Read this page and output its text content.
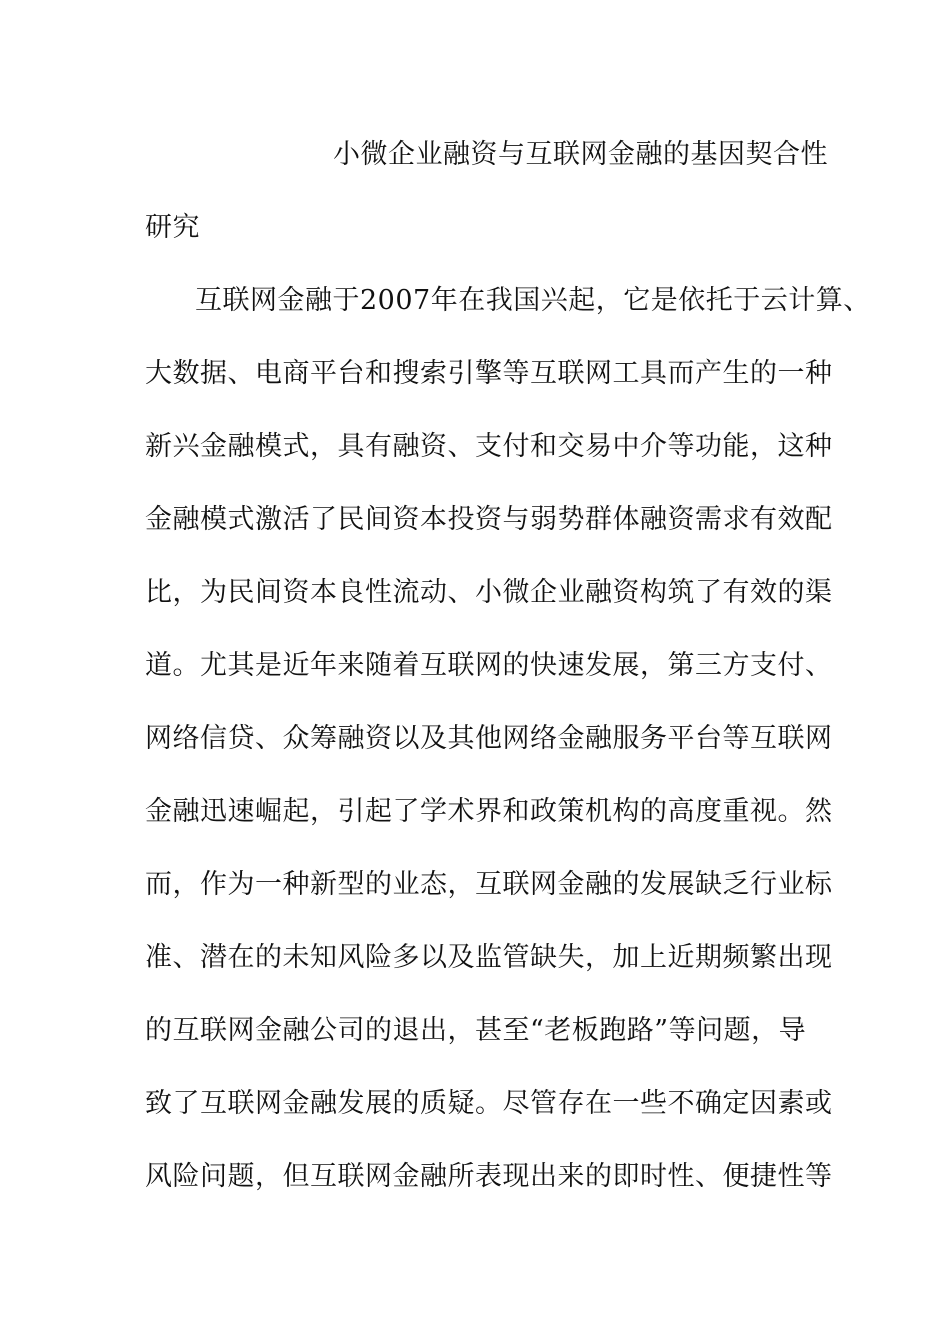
小微企业融资与互联网金融的基因契合性
研究
互联网金融于2007年在我国兴起，它是依托于云计算、
大数据、电商平台和搜索引擎等互联网工具而产生的一种
新兴金融模式，具有融资、支付和交易中介等功能，这种
金融模式激活了民间资本投资与弱势群体融资需求有效配
比，为民间资本良性流动、小微企业融资构筑了有效的渠
道。尤其是近年来随着互联网的快速发展，第三方支付、
网络信贷、众筹融资以及其他网络金融服务平台等互联网
金融迅速崛起，引起了学术界和政策机构的高度重视。然
而，作为一种新型的业态，互联网金融的发展缺乏行业标
准、潜在的未知风险多以及监管缺失，加上近期频繁出现
的互联网金融公司的退出，甚至“老板跑路”等问题，导
致了互联网金融发展的质疑。尽管存在一些不确定因素或
风险问题，但互联网金融所表现出来的即时性、便捷性等
